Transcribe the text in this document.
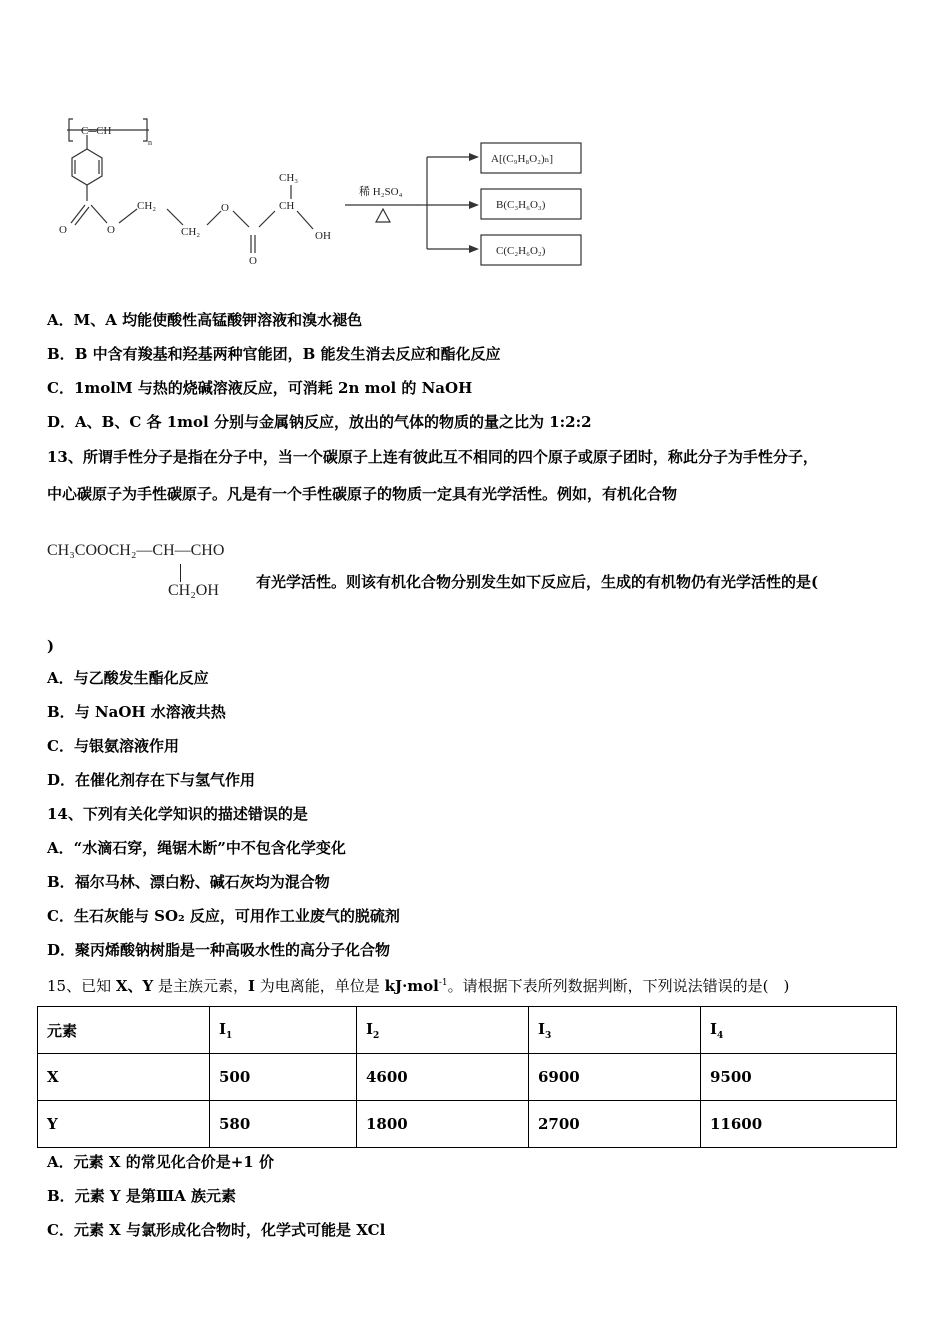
C═CH
n
O	O
CH₂
CH₂
O
O
CH
CH₃
OH
稀 H₂SO₄
A[(C₉H₈O₂)ₙ]
B(C₃H₆O₃)
C(C₂H₆O₂)
A．M、A 均能使酸性高锰酸钾溶液和溴水褪色
B．B 中含有羧基和羟基两种官能团，B 能发生消去反应和酯化反应
C．1molM 与热的烧碱溶液反应，可消耗 2n mol 的 NaOH
D．A、B、C 各 1mol 分别与金属钠反应，放出的气体的物质的量之比为 1:2:2
13、所谓手性分子是指在分子中，当一个碳原子上连有彼此互不相同的四个原子或原子团时，称此分子为手性分子，
中心碳原子为手性碳原子。凡是有一个手性碳原子的物质一定具有光学活性。例如，有机化合物
CH₃COOCH₂—CH—CHO
CH₂OH 有光学活性。则该有机化合物分别发生如下反应后，生成的有机物仍有光学活性的是(
)
A．与乙酸发生酯化反应
B．与 NaOH 水溶液共热
C．与银氨溶液作用
D．在催化剂存在下与氢气作用
14、下列有关化学知识的描述错误的是
A．“水滴石穿，绳锯木断”中不包含化学变化
B．福尔马林、漂白粉、碱石灰均为混合物
C．生石灰能与 SO₂ 反应，可用作工业废气的脱硫剂
D．聚丙烯酸钠树脂是一种高吸水性的高分子化合物
15、已知 X、Y 是主族元素，I 为电离能，单位是 kJ·mol$^{-1}$。请根据下表所列数据判断，下列说法错误的是(　)
元素	$I_1$	$I_2$	$I_3$	$I_4$
X	500	4600	6900	9500
Y	580	1800	2700	11600
A．元素 X 的常见化合价是+1 价
B．元素 Y 是第ⅢA 族元素
C．元素 X 与氯形成化合物时，化学式可能是 XCl
